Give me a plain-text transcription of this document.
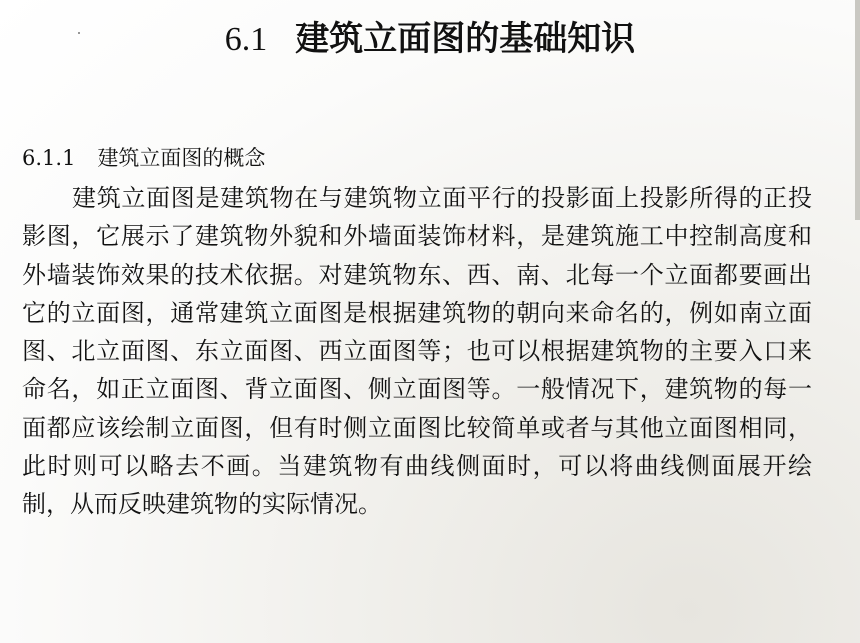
6.1 建筑立面图的基础知识
6.1.1 建筑立面图的概念

建筑立面图是建筑物在与建筑物立面平行的投影面上投影所得的正投影图，它展示了建筑物外貌和外墙面装饰材料，是建筑施工中控制高度和外墙装饰效果的技术依据。对建筑物东、西、南、北每一个立面都要画出它的立面图，通常建筑立面图是根据建筑物的朝向来命名的，例如南立面图、北立面图、东立面图、西立面图等；也可以根据建筑物的主要入口来命名，如正立面图、背立面图、侧立面图等。一般情况下，建筑物的每一面都应该绘制立面图，但有时侧立面图比较简单或者与其他立面图相同，此时则可以略去不画。当建筑物有曲线侧面时，可以将曲线侧面展开绘制，从而反映建筑物的实际情况。
